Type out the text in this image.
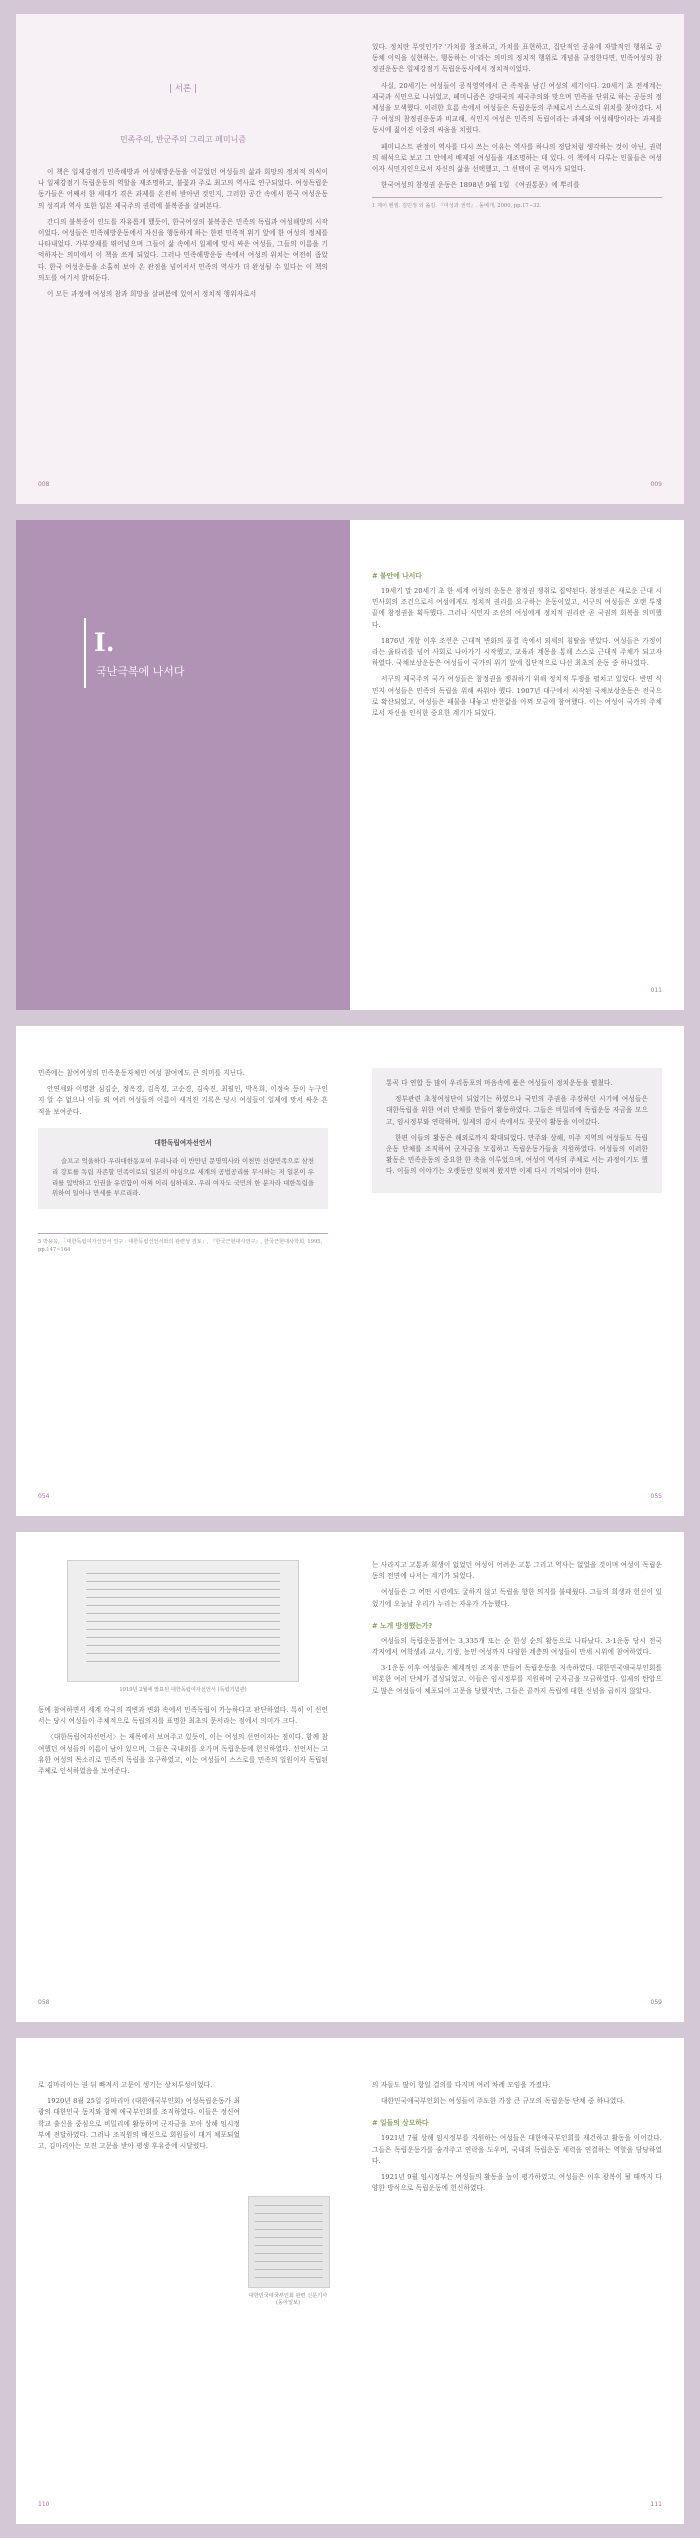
| 서론 |
민족주의, 반군주의 그리고 페미니즘

이 책은 일제강점기 민족해방과 여성해방운동을 이끌었던 여성들의 삶과 희망의 정치적 의식이나 일제강점기 독립운동의 역할을 재조명하고, 불꽃과 주로 최고의 역사로 연구되었다. 여성독립운동가들은 어째서 한 세대가 겪은 과제를 온전히 받아낸 것인지, 그러한 공간 속에서 한국 여성운동의 성격과 역사 또한 일본 제국주의 권력에 불복종을 살펴본다.

간디의 불복종이 인도를 자유롭게 했듯이, 한국여성의 불복종은 민족의 독립과 여성해방의 시작이었다. 여성들은 민족해방운동에서 자신을 행동하게 하는 한편 민족적 위기 앞에 한 여성의 정체를 나타내었다. 가부장제를 뛰어넘으며 그들이 삶 속에서 일제에 맞서 싸운 여성들, 그들의 이름을 기억하자는 의미에서 이 책을 쓰게 되었다. 그러나 민족해방운동 속에서 여성의 위치는 여전히 좁았다. 한국 여성운동을 소홀히 보아 온 관점을 넘어서서 민족의 역사가 더 완성될 수 있다는 이 책의 의도를 여기서 밝혀둔다.

이 모든 과정에 여성의 참과 희망을 살펴봄에 있어서 정치적 행위자로서

008

있다. 정치란 무엇인가? '가치를 창조하고, 가치를 표현하고, 집단적인 공유에 자발적인 행위로 공동체 이익을 실현하는, 행동하는 이'라는 의미의 정치적 행위로 개념을 규정한다면, 민족여성의 참정권운동은 일제강점기 독립운동사에서 정치적이었다.

사실, 20세기는 여성들이 공적영역에서 큰 족적을 남긴 여성의 세기이다. 20세기 초 전세계는 제국과 식민으로 나뉘었고, 페미니즘은 강대국의 제국주의와 맞으며 민족을 단위로 하는 공동의 정체성을 모색했다. 이러한 흐름 속에서 여성들은 독립운동의 주체로서 스스로의 위치를 찾아갔다. 서구 여성의 참정권운동과 비교해, 식민지 여성은 민족의 독립이라는 과제와 여성해방이라는 과제를 동시에 짊어진 이중의 싸움을 치렀다.

페미니스트 관점이 역사를 다시 쓰는 이유는 역사를 하나의 정답처럼 생각하는 것이 아닌, 권력의 해석으로 보고 그 안에서 배제된 여성들을 재조명하는 데 있다. 이 책에서 다루는 인물들은 여성이자 식민지인으로서 자신의 삶을 선택했고, 그 선택이 곧 역사가 되었다.

한국여성의 참정권 운동은 1898년 9월 1일 《여권통문》에 뿌리를

1 제이 벤필. 김민정 외 옮김. 『여성과 권력』. 돌베개, 2000, pp.17∼32.
009
I.
국난극복에 나서다
# 불안에 나서다

19세기 말 20세기 초 한 세계 여성의 운동은 참정권 쟁취로 집약된다. 참정권은 새로운 근대 시민사회의 조건으로서 여성에게도 정치적 권리를 요구하는 운동이었고, 서구의 여성들은 오랜 투쟁 끝에 참정권을 획득했다. 그러나 식민지 조선의 여성에게 정치적 권리란 곧 국권의 회복을 의미했다.

1876년 개항 이후 조선은 근대적 변화의 물결 속에서 외세의 침탈을 받았다. 여성들은 가정이라는 울타리를 넘어 사회로 나아가기 시작했고, 교육과 계몽을 통해 스스로 근대적 주체가 되고자 하였다. 국채보상운동은 여성들이 국가의 위기 앞에 집단적으로 나선 최초의 운동 중 하나였다.

서구의 제국주의 국가 여성들은 참정권을 쟁취하기 위해 정치적 투쟁을 펼치고 있었다. 반면 식민지 여성들은 민족의 독립을 위해 싸워야 했다. 1907년 대구에서 시작된 국채보상운동은 전국으로 확산되었고, 여성들은 패물을 내놓고 반찬값을 아껴 모금에 참여했다. 이는 여성이 국가의 주체로서 자신을 인식한 중요한 계기가 되었다.

011

민족에는 참여여성의 민족운동자체인 여성 참여에도 큰 의미를 지닌다.

안연세와 이명완 심김순, 정옥경, 김옥경, 고순경, 김숙진, 최필인, 박옥희, 이정숙 등이 누구인지 알 수 없으나 이들 외 여러 여성들의 이름이 새겨진 기록은 당시 여성들이 일제에 맞서 싸운 흔적을 보여준다.

대한독립여자선언서
슬프고 억울하다 우리대한동포여 우리나라 이 반만년 문명역사와 이천만 선량민족으로 삼천리 강토를 독립 자존할 민족이로되 일본의 야심으로 세계의 공법공리를 무시하는 저 일본이 우리를 압박하고 인권을 유린함이 어찌 이리 심하리오. 우리 여자도 국민의 한 분자라 대한독립을 위하여 일어나 만세를 부르리라.
5 박용옥, 「대한독립여자선언서 연구 : 대한독립선언서와의 관련성 검토」, 『한국근현대사연구』, 한국근현대사학회, 1995, pp.147~164
054

통곡 다 연합 등 많이 우리동포의 마음속에 품은 여성들이 정치운동을 펼쳤다.

정부관련 초청여성단이 되었기는 하였으나 국민의 주권을 주장하던 시기에 여성들은 대한독립을 위한 여러 단체를 만들어 활동하였다. 그들은 비밀리에 독립운동 자금을 모으고, 임시정부와 연락하며, 일제의 감시 속에서도 꿋꿋이 활동을 이어갔다.

한편 이들의 활동은 해외로까지 확대되었다. 만주와 상해, 미주 지역의 여성들도 독립운동 단체를 조직하여 군자금을 모집하고 독립운동가들을 지원하였다. 여성들의 이러한 활동은 민족운동의 중요한 한 축을 이루었으며, 여성이 역사의 주체로 서는 과정이기도 했다. 이들의 이야기는 오랫동안 잊혀져 왔지만 이제 다시 기억되어야 한다.

055
1919년 2월에 발표된 대한독립여자선언서 (독립기념관)

동에 참여하면서 세계 각국의 격변과 변화 속에서 민족독립이 가능하다고 판단하였다. 특히 이 선언서는 당시 여성들이 주체적으로 독립의지를 표명한 최초의 문서라는 점에서 의미가 크다.

〈대한독립여자선언서〉는 제목에서 보여주고 있듯이, 이는 여성의 선언이자는 점이다. 함께 참여했던 여성들의 이름이 남아 있으며, 그들은 국내외를 오가며 독립운동에 헌신하였다. 선언서는 고유한 여성의 목소리로 민족의 독립을 요구하였고, 이는 여성들이 스스로를 민족의 일원이자 독립된 주체로 인식하였음을 보여준다.

058

는 사라지고 고통과 희생이 없었던 여성이 어려운 고통 그리고 역사는 없었을 것이며 여성이 독립운동의 전면에 나서는 계기가 되었다.

여성들은 그 어떤 시련에도 굴하지 않고 독립을 향한 의지를 불태웠다. 그들의 희생과 헌신이 있었기에 오늘날 우리가 누리는 자유가 가능했다.

# 노개 방정했는가?

여성들의 독립운동참여는 3,335개 또는 순 한성 순의 활동으로 나타났다. 3·1운동 당시 전국 각지에서 여학생과 교사, 기생, 농민 여성까지 다양한 계층의 여성들이 만세 시위에 참여하였다.

3·1운동 이후 여성들은 체계적인 조직을 만들어 독립운동을 지속하였다. 대한민국애국부인회를 비롯한 여러 단체가 결성되었고, 이들은 임시정부를 지원하며 군자금을 모금하였다. 일제의 탄압으로 많은 여성들이 체포되어 고문을 당했지만, 그들은 끝까지 독립에 대한 신념을 굽히지 않았다.

059

로 김마리아는 권 뒤 빠져서 고문이 생기는 상처투성이었다.

1920년 8월 25일 김마리아 (대한애국부인회) 여성독립운동가 최광의 대한민국 동지와 함께 애국부인회를 조직하였다. 이들은 정신여학교 출신을 중심으로 비밀리에 활동하며 군자금을 모아 상해 임시정부에 전달하였다. 그러나 조직원의 배신으로 회원들이 대거 체포되었고, 김마리아는 모진 고문을 받아 평생 후유증에 시달렸다.

대한민국애국부인회 관련 신문기사 (동아일보)
110

의 자들도 많이 항일 결의를 다지며 여러 차례 모임을 가졌다.

대한민국애국부인회는 여성들이 주도한 가장 큰 규모의 독립운동 단체 중 하나였다.

# 일들의 상모하다

1921년 7월 상해 임시정부를 지원하는 여성들은 대한애국부인회를 재건하고 활동을 이어갔다. 그들은 독립운동가를 숨겨주고 연락을 도우며, 국내외 독립운동 세력을 연결하는 역할을 담당하였다.

1921년 9월 임시정부는 여성들의 활동을 높이 평가하였고, 여성들은 이후 광복이 될 때까지 다양한 방식으로 독립운동에 헌신하였다.

111
